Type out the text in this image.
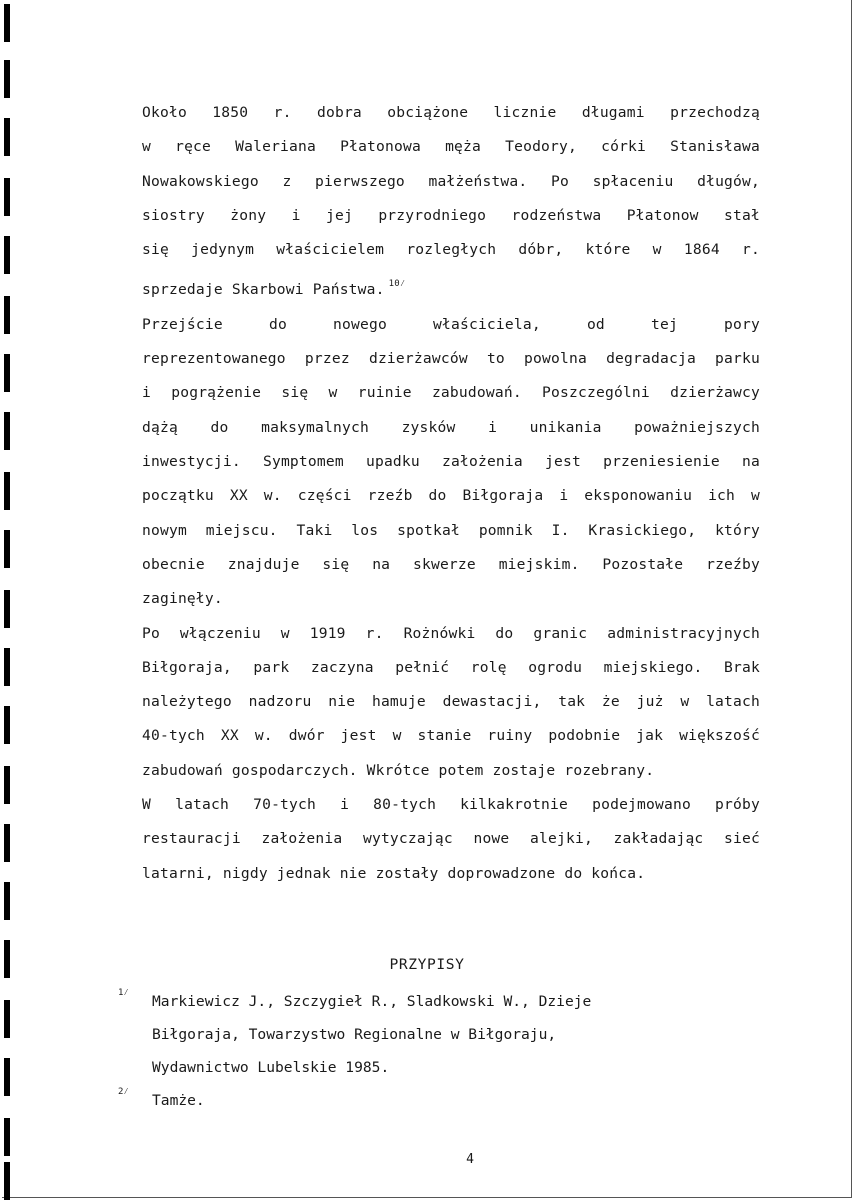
Około 1850 r. dobra obciążone licznie długami przechodzą
w ręce Waleriana Płatonowa męża Teodory, córki Stanisława
Nowakowskiego z pierwszego małżeństwa. Po spłaceniu długów,
siostry żony i jej przyrodniego rodzeństwa Płatonow stał
się jedynym właścicielem rozległych dóbr, które w 1864 r.
sprzedaje Skarbowi Państwa. $^{10⁄}$

Przejście do nowego właściciela, od tej pory
reprezentowanego przez dzierżawców to powolna degradacja parku
i pogrążenie się w ruinie zabudowań. Poszczególni dzierżawcy
dążą do maksymalnych zysków i unikania poważniejszych
inwestycji. Symptomem upadku założenia jest przeniesienie na
początku XX w. części rzeźb do Biłgoraja i eksponowaniu ich w
nowym miejscu. Taki los spotkał pomnik I. Krasickiego, który
obecnie znajduje się na skwerze miejskim. Pozostałe rzeźby
zaginęły.

Po włączeniu w 1919 r. Rożnówki do granic administracyjnych
Biłgoraja, park zaczyna pełnić rolę ogrodu miejskiego. Brak
należytego nadzoru nie hamuje dewastacji, tak że już w latach
40-tych XX w. dwór jest w stanie ruiny podobnie jak większość
zabudowań gospodarczych. Wkrótce potem zostaje rozebrany.

W latach 70-tych i 80-tych kilkakrotnie podejmowano próby
restauracji założenia wytyczając nowe alejki, zakładając sieć
latarni, nigdy jednak nie zostały doprowadzone do końca.

PRZYPISY
1⁄ Markiewicz J., Szczygieł R., Sladkowski W., Dzieje
Biłgoraja, Towarzystwo Regionalne w Biłgoraju,
Wydawnictwo Lubelskie 1985.
2⁄ Tamże.
4
